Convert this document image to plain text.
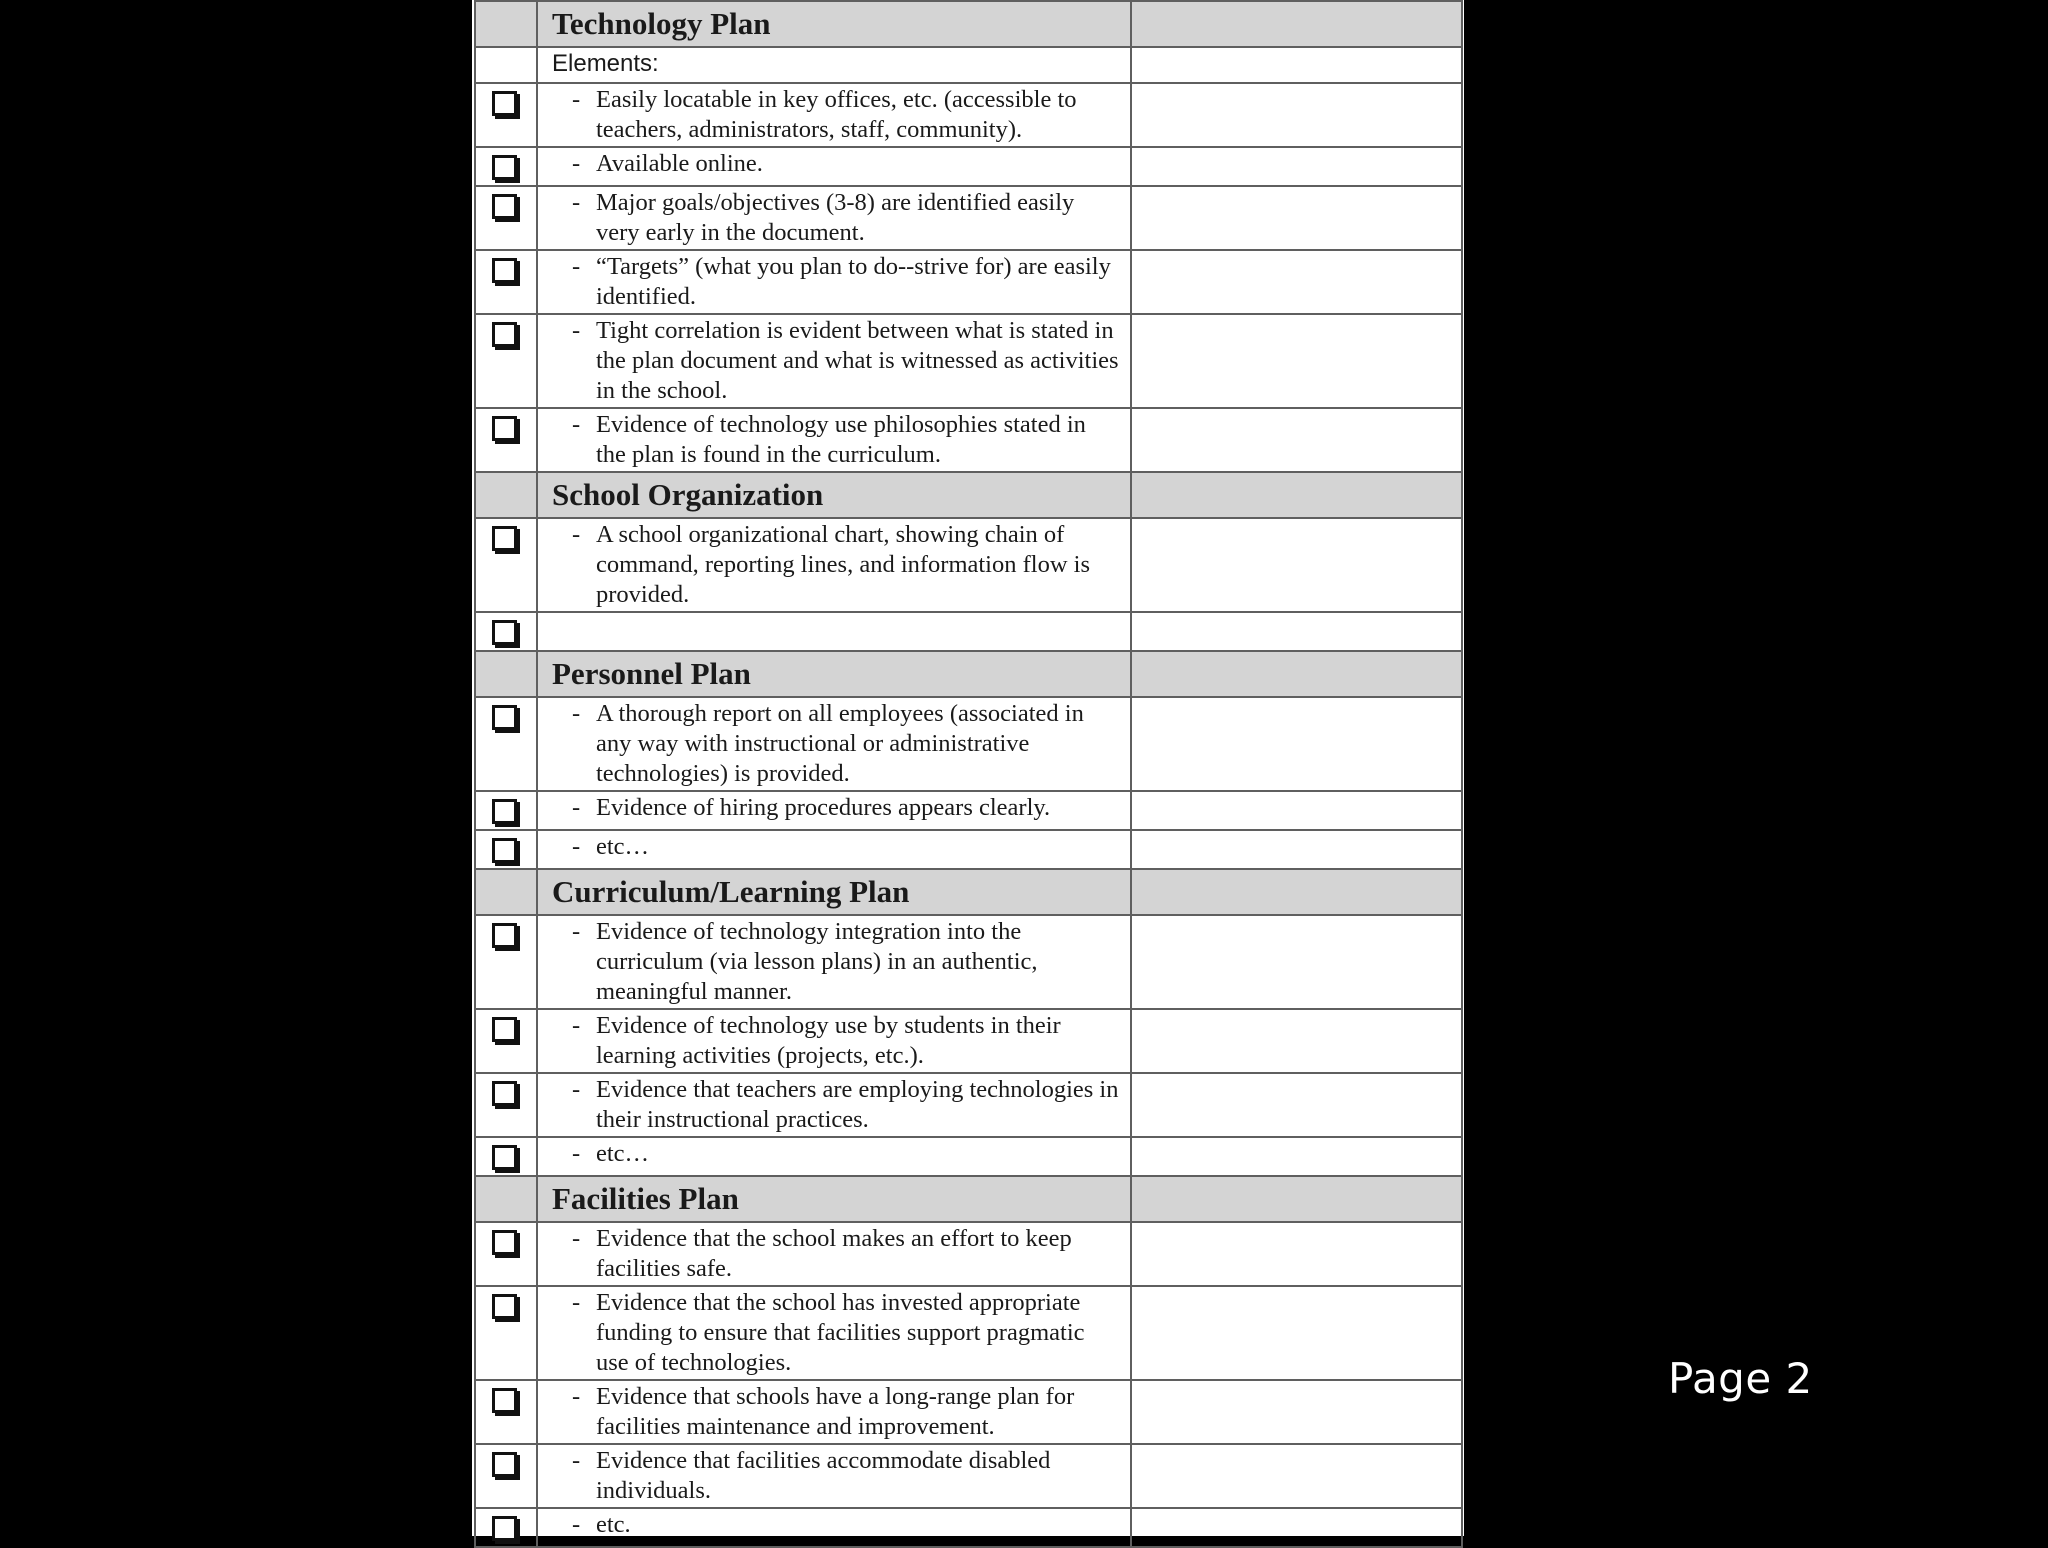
	Technology Plan	

	Elements:	

	- Easily locatable in key offices, etc. (accessible to teachers, administrators, staff, community).	

	- Available online.	

	- Major goals/objectives (3-8) are identified easily very early in the document.	

	- “Targets” (what you plan to do--strive for) are easily identified.	

	- Tight correlation is evident between what is stated in the plan document and what is witnessed as activities in the school.	

	- Evidence of technology use philosophies stated in the plan is found in the curriculum.	

	School Organization	

	- A school organizational chart, showing chain of command, reporting lines, and information flow is provided.	

	Personnel Plan	

	- A thorough report on all employees (associated in any way with instructional or administrative technologies) is provided.	

	- Evidence of hiring procedures appears clearly.	

	- etc…	

	Curriculum/Learning Plan	

	- Evidence of technology integration into the curriculum (via lesson plans) in an authentic, meaningful manner.	

	- Evidence of technology use by students in their learning activities (projects, etc.).	

	- Evidence that teachers are employing technologies in their instructional practices.	

	- etc…	

	Facilities Plan	

	- Evidence that the school makes an effort to keep facilities safe.	

	- Evidence that the school has invested appropriate funding to ensure that facilities support pragmatic use of technologies.	

	- Evidence that schools have a long-range plan for facilities maintenance and improvement.	

	- Evidence that facilities accommodate disabled individuals.	

	- etc.	

Page 2
